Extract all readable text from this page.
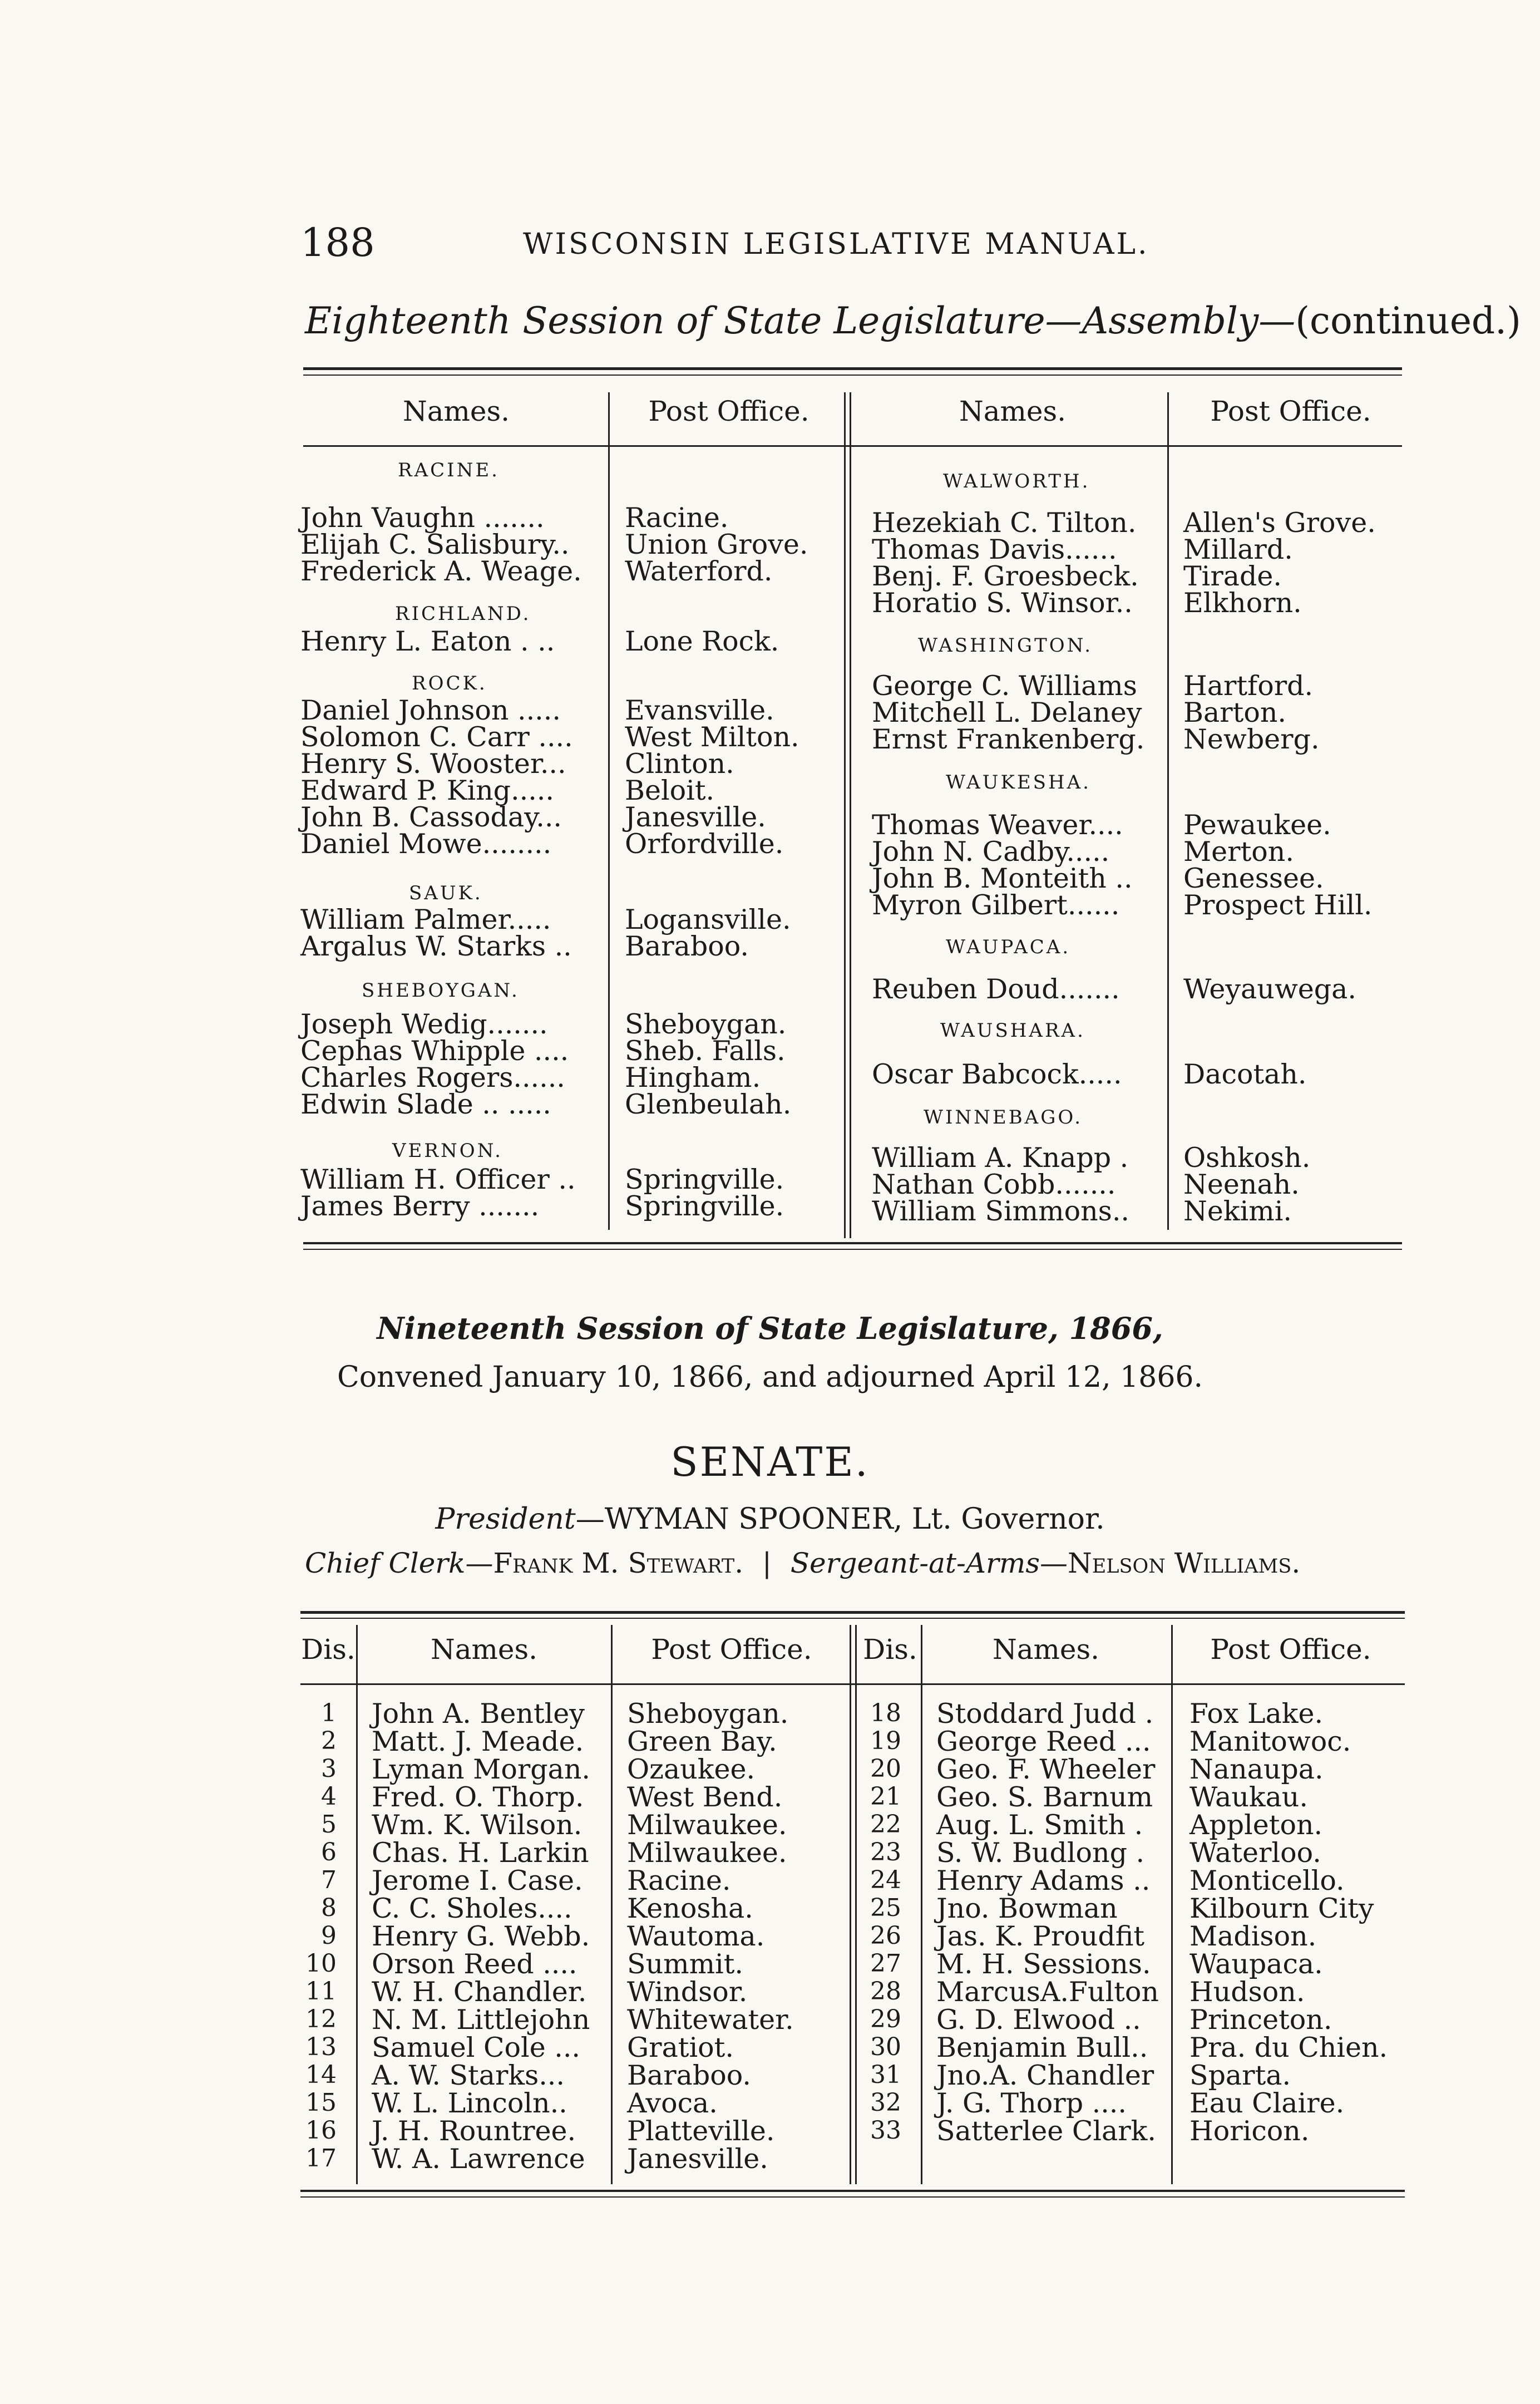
188	WISCONSIN LEGISLATIVE MANUAL.
Eighteenth Session of State Legislature—Assembly—(continued.)
Names.	Post Office.	Names.	Post Office.
RACINE.
John Vaughn .......	Racine.
Elijah C. Salisbury.. Union Grove.
Frederick A. Weage. Waterford.
RICHLAND.
Henry L. Eaton . ..	Lone Rock.
ROCK.
Daniel Johnson ..... Evansville.
Solomon C. Carr .... West Milton.
Henry S. Wooster... Clinton.
Edward P. King.....	Beloit.
John B. Cassoday... Janesville.
Daniel Mowe........	Orfordville.
SAUK.
William Palmer.....	Logansville.
Argalus W. Starks .. Baraboo.
SHEBOYGAN.
Joseph Wedig.......	Sheboygan.
Cephas Whipple .... Sheb. Falls.
Charles Rogers...... Hingham.
Edwin Slade .. .....	Glenbeulah.
VERNON.
William H. Officer .. Springville.
James Berry .......	Springville.
WALWORTH.
Hezekiah C. Tilton. Allen's Grove.
Thomas Davis...... Millard.
Benj. F. Groesbeck. Tirade.
Horatio S. Winsor.. Elkhorn.
WASHINGTON.
George C. Williams Hartford.
Mitchell L. Delaney Barton.
Ernst Frankenberg. Newberg.
WAUKESHA.
Thomas Weaver.... Pewaukee.
John N. Cadby.....	Merton.
John B. Monteith .. Genessee.
Myron Gilbert...... Prospect Hill.
WAUPACA.
Reuben Doud....... Weyauwega.
WAUSHARA.
Oscar Babcock..... Dacotah.
WINNEBAGO.
William A. Knapp . Oshkosh.
Nathan Cobb....... Neenah.
William Simmons.. Nekimi.
Nineteenth Session of State Legislature, 1866,
Convened January 10, 1866, and adjourned April 12, 1866.
SENATE.
President—WYMAN SPOONER, Lt. Governor.
Chief Clerk—Frank M. Stewart. | Sergeant-at-Arms—Nelson Williams.
Dis.	Names.	Post Office.	Dis.	Names.	Post Office.
1 John A. Bentley Sheboygan.
2 Matt. J. Meade. Green Bay.
3 Lyman Morgan. Ozaukee.
4 Fred. O. Thorp. West Bend.
5 Wm. K. Wilson. Milwaukee.
6 Chas. H. Larkin Milwaukee.
7 Jerome I. Case. Racine.
8 C. C. Sholes.... Kenosha.
9 Henry G. Webb. Wautoma.
10 Orson Reed .... Summit.
11 W. H. Chandler. Windsor.
12 N. M. Littlejohn Whitewater.
13 Samuel Cole ... Gratiot.
14 A. W. Starks... Baraboo.
15 W. L. Lincoln.. Avoca.
16 J. H. Rountree. Platteville.
17 W. A. Lawrence Janesville.
18 Stoddard Judd . Fox Lake.
19 George Reed ... Manitowoc.
20 Geo. F. Wheeler Nanaupa.
21 Geo. S. Barnum Waukau.
22 Aug. L. Smith . Appleton.
23 S. W. Budlong . Waterloo.
24 Henry Adams .. Monticello.
25 Jno. Bowman	Kilbourn City
26 Jas. K. Proudfit Madison.
27 M. H. Sessions. Waupaca.
28 MarcusA.Fulton Hudson.
29 G. D. Elwood .. Princeton.
30 Benjamin Bull.. Pra. du Chien.
31 Jno.A. Chandler Sparta.
32 J. G. Thorp .... Eau Claire.
33 Satterlee Clark. Horicon.
